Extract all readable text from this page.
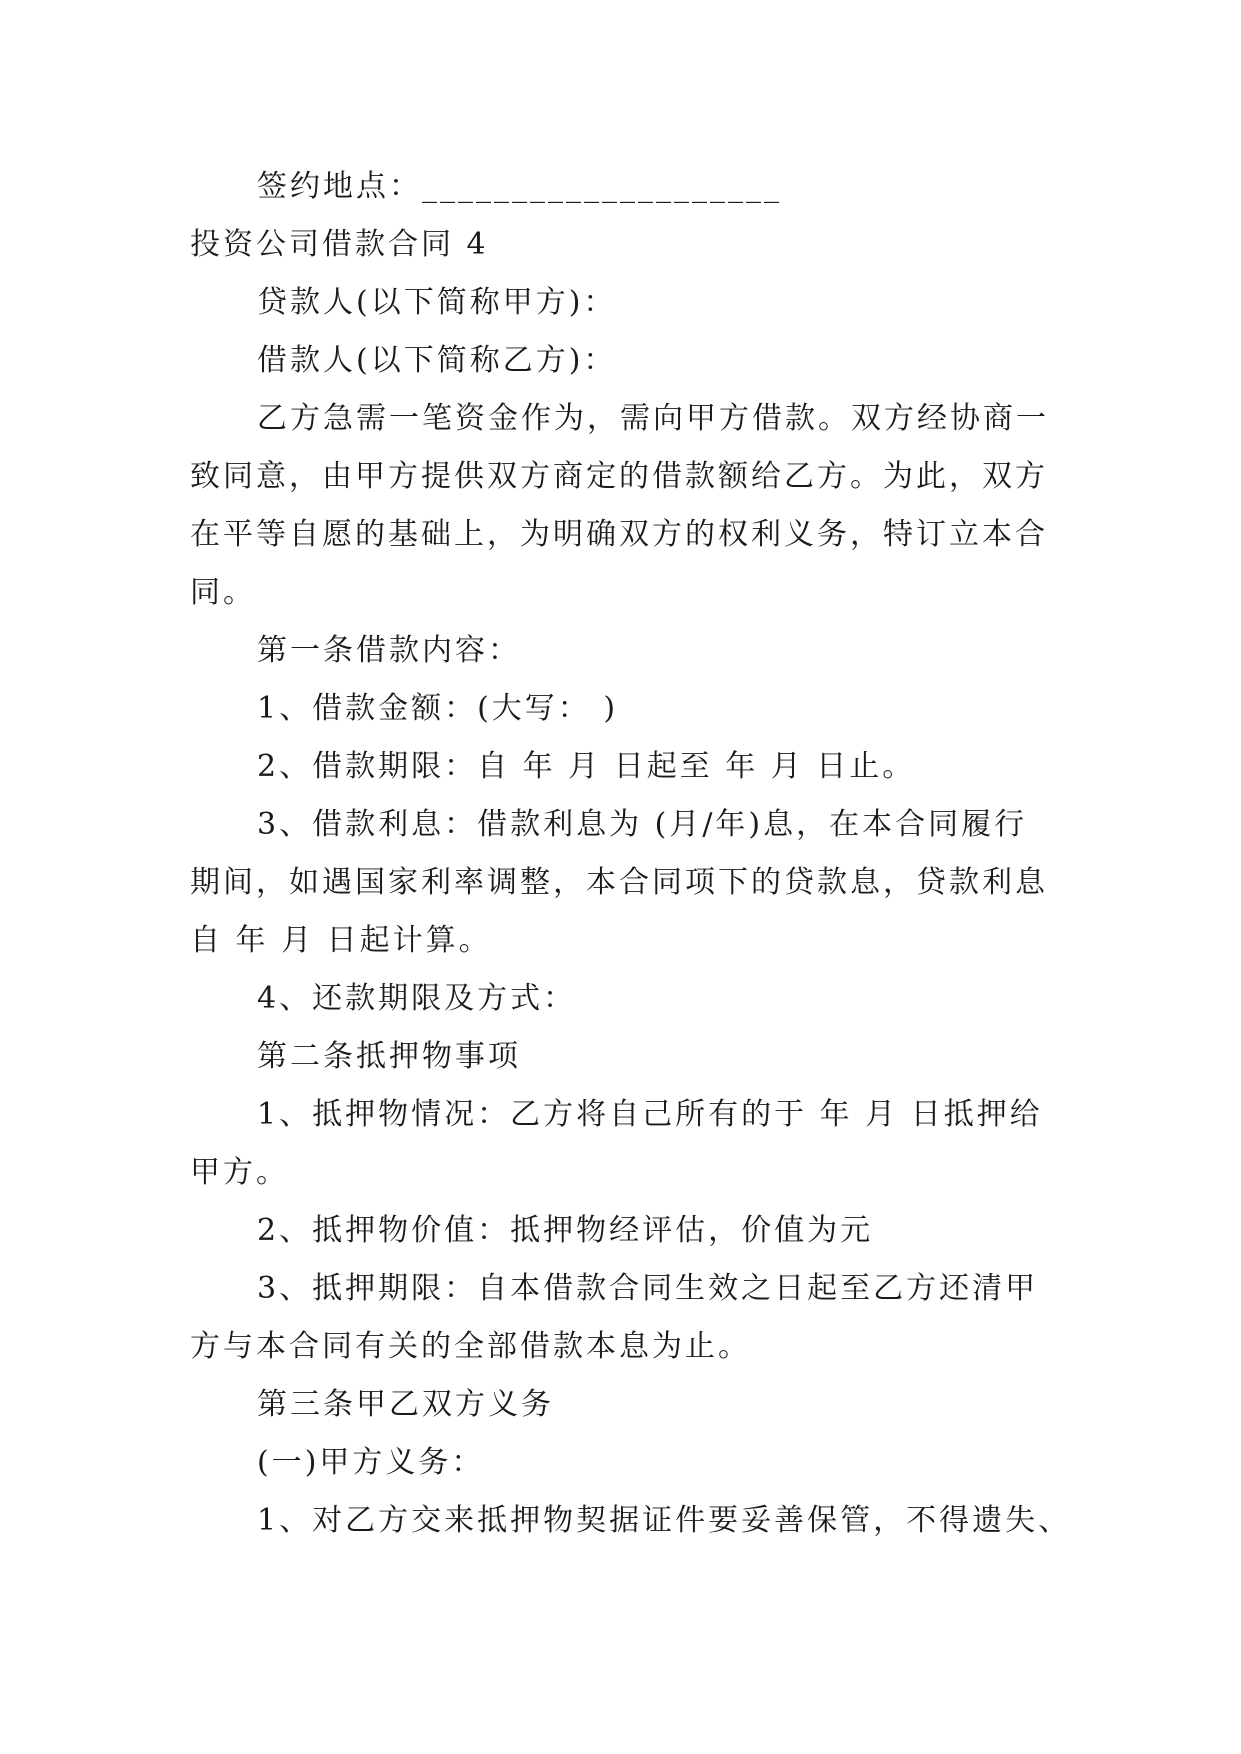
签约地点：____________________
投资公司借款合同 4
贷款人(以下简称甲方)：
借款人(以下简称乙方)：
乙方急需一笔资金作为，需向甲方借款。双方经协商一
致同意，由甲方提供双方商定的借款额给乙方。为此，双方
在平等自愿的基础上，为明确双方的权利义务，特订立本合
同。
第一条借款内容：
1、借款金额：(大写： )
2、借款期限：自 年 月 日起至 年 月 日止。
3、借款利息：借款利息为 (月/年)息，在本合同履行
期间，如遇国家利率调整，本合同项下的贷款息，贷款利息
自 年 月 日起计算。
4、还款期限及方式：
第二条抵押物事项
1、抵押物情况：乙方将自己所有的于 年 月 日抵押给
甲方。
2、抵押物价值：抵押物经评估，价值为元
3、抵押期限：自本借款合同生效之日起至乙方还清甲
方与本合同有关的全部借款本息为止。
第三条甲乙双方义务
(一)甲方义务：
1、对乙方交来抵押物契据证件要妥善保管，不得遗失、
